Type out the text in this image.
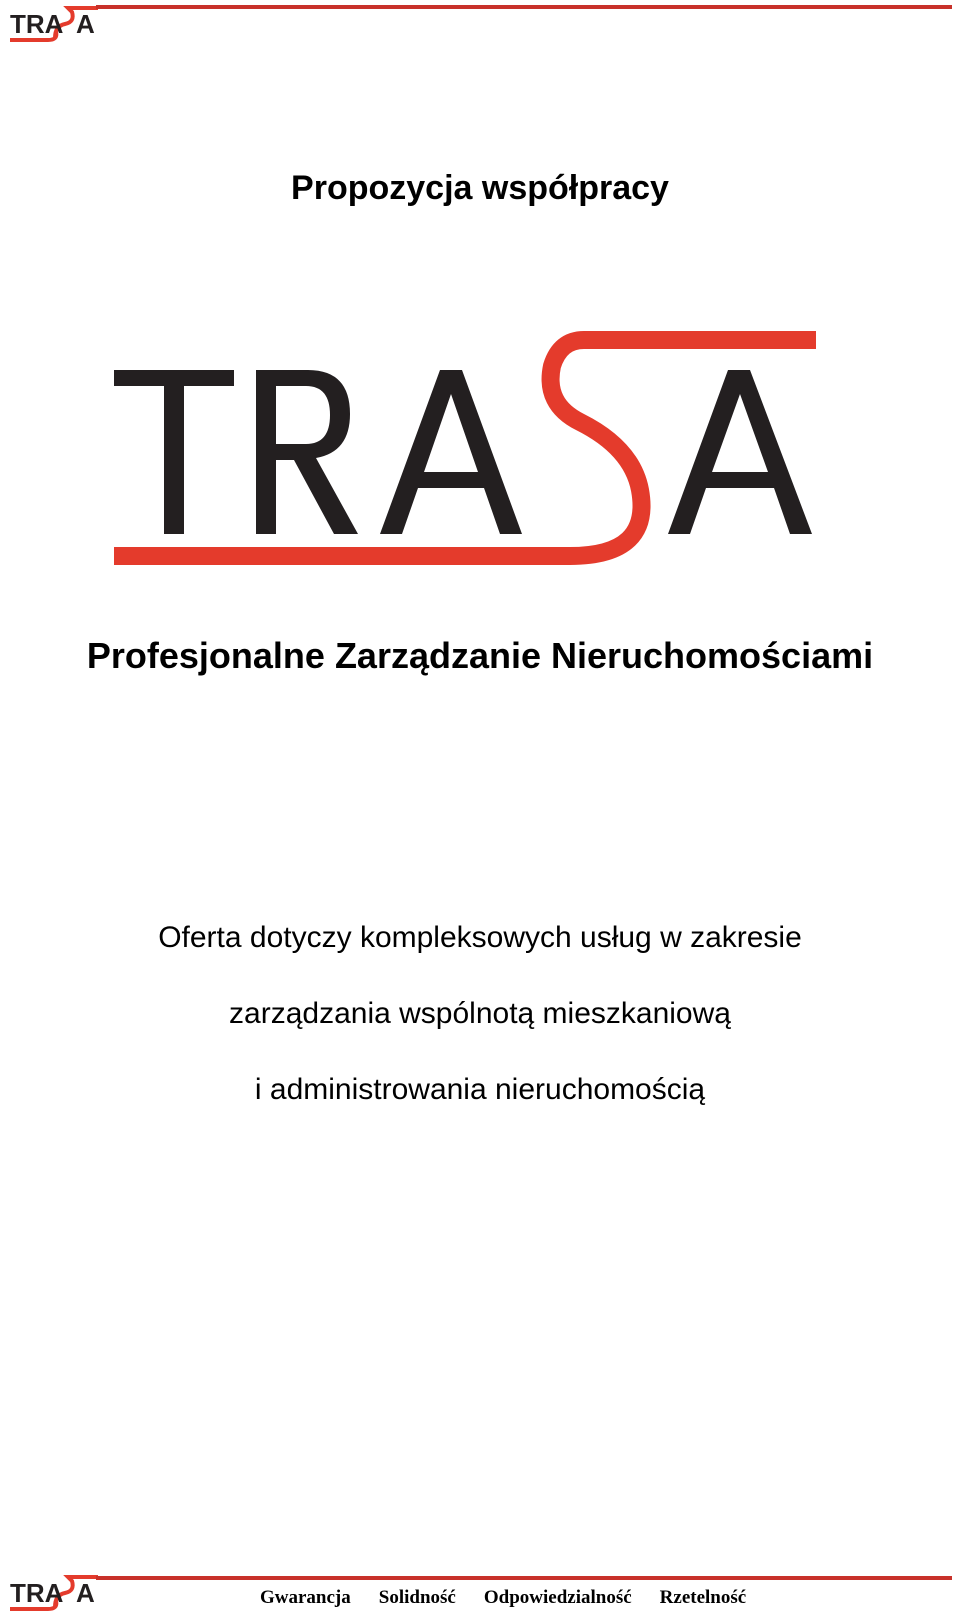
TRA A
Propozycja współpracy
Profesjonalne Zarządzanie Nieruchomościami
Oferta dotyczy kompleksowych usług w zakresie
zarządzania wspólnotą mieszkaniową
i administrowania nieruchomością
TRA A	Gwarancja Solidność Odpowiedzialność Rzetelność
